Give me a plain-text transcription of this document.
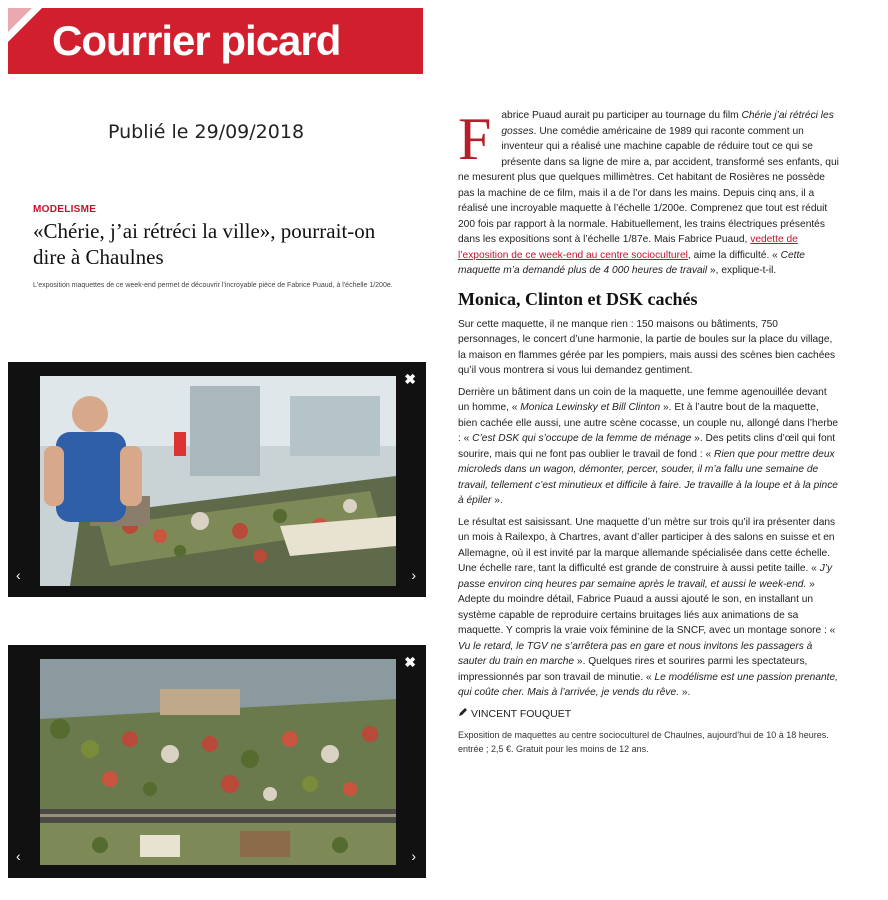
Courrier picard
Publié le 29/09/2018
MODELISME
«Chérie, j’ai rétréci la ville», pourrait-on dire à Chaulnes
L'exposition maquettes de ce week-end permet de découvrir l'incroyable pièce de Fabrice Puaud, à l'échelle 1/200e.
✖
‹	›
✖
‹	›

Fabrice Puaud aurait pu participer au tournage du film Chérie j’ai rétréci les gosses. Une comédie américaine de 1989 qui raconte comment un inventeur qui a réalisé une machine capable de réduire tout ce qui se présente dans sa ligne de mire a, par accident, transformé ses enfants, qui ne mesurent plus que quelques millimètres. Cet habitant de Rosières ne possède pas la machine de ce film, mais il a de l’or dans les mains. Depuis cinq ans, il a réalisé une incroyable maquette à l’échelle 1/200e. Comprenez que tout est réduit 200 fois par rapport à la normale. Habituellement, les trains électriques présentés dans les expositions sont à l’échelle 1/87e. Mais Fabrice Puaud, vedette de l’exposition de ce week-end au centre socioculturel, aime la difficulté. « Cette maquette m’a demandé plus de 4 000 heures de travail », explique-t-il.

Monica, Clinton et DSK cachés

Sur cette maquette, il ne manque rien : 150 maisons ou bâtiments, 750 personnages, le concert d’une harmonie, la partie de boules sur la place du village, la maison en flammes gérée par les pompiers, mais aussi des scènes bien cachées qu’il vous montrera si vous lui demandez gentiment.

Derrière un bâtiment dans un coin de la maquette, une femme agenouillée devant un homme, « Monica Lewinsky et Bill Clinton ». Et à l’autre bout de la maquette, bien cachée elle aussi, une autre scène cocasse, un couple nu, allongé dans l’herbe : « C’est DSK qui s’occupe de la femme de ménage ». Des petits clins d’œil qui font sourire, mais qui ne font pas oublier le travail de fond : « Rien que pour mettre deux microleds dans un wagon, démonter, percer, souder, il m’a fallu une semaine de travail, tellement c’est minutieux et difficile à faire. Je travaille à la loupe et à la pince à épiler ».

Le résultat est saisissant. Une maquette d’un mètre sur trois qu’il ira présenter dans un mois à Railexpo, à Chartres, avant d’aller participer à des salons en suisse et en Allemagne, où il est invité par la marque allemande spécialisée dans cette échelle. Une échelle rare, tant la difficulté est grande de construire à aussi petite taille. « J’y passe environ cinq heures par semaine après le travail, et aussi le week-end. » Adepte du moindre détail, Fabrice Puaud a aussi ajouté le son, en installant un système capable de reproduire certains bruitages liés aux animations de sa maquette. Y compris la vraie voix féminine de la SNCF, avec un montage sonore : « Vu le retard, le TGV ne s’arrêtera pas en gare et nous invitons les passagers à sauter du train en marche ». Quelques rires et sourires parmi les spectateurs, impressionnés par son travail de minutie. « Le modélisme est une passion prenante, qui coûte cher. Mais à l’arrivée, je vends du rêve. ».

VINCENT FOUQUET
Exposition de maquettes au centre socioculturel de Chaulnes, aujourd’hui de 10 à 18 heures. entrée ; 2,5 €. Gratuit pour les moins de 12 ans.
